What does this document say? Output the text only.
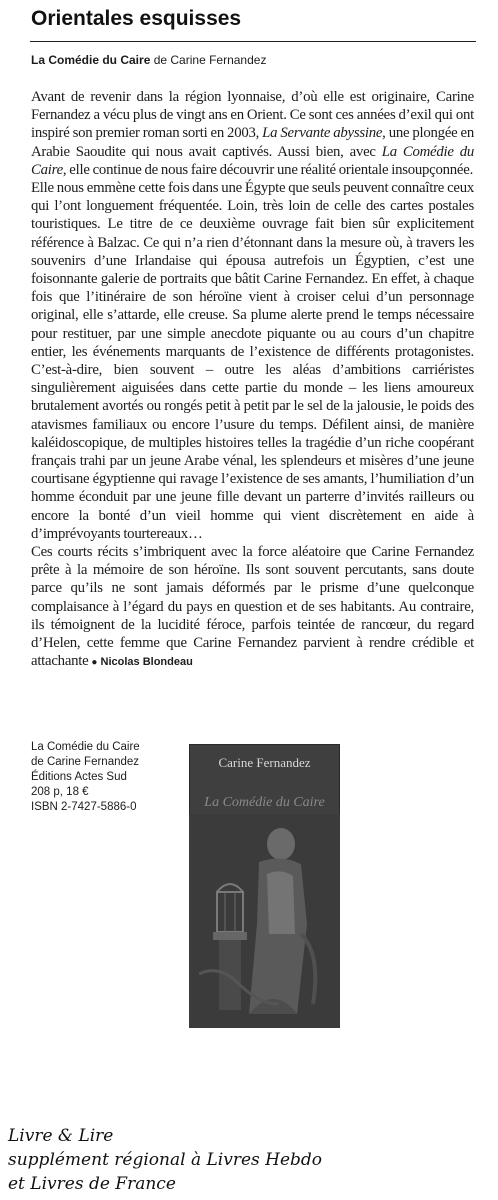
Orientales esquisses
La Comédie du Caire de Carine Fernandez

Avant de revenir dans la région lyonnaise, d’où elle est originaire, Carine Fernandez a vécu plus de vingt ans en Orient. Ce sont ces années d’exil qui ont inspiré son premier roman sorti en 2003, La Servante abyssine, une plongée en Arabie Saoudite qui nous avait captivés. Aussi bien, avec La Comédie du Caire, elle continue de nous faire découvrir une réalité orientale insoupçonnée.

Elle nous emmène cette fois dans une Égypte que seuls peuvent connaître ceux qui l’ont longuement fréquentée. Loin, très loin de celle des cartes postales touristiques. Le titre de ce deuxième ouvrage fait bien sûr explicitement référence à Balzac. Ce qui n’a rien d’étonnant dans la mesure où, à travers les souvenirs d’une Irlandaise qui épousa autrefois un Égyptien, c’est une foisonnante galerie de portraits que bâtit Carine Fernandez. En effet, à chaque fois que l’itinéraire de son héroïne vient à croiser celui d’un personnage original, elle s’attarde, elle creuse. Sa plume alerte prend le temps nécessaire pour restituer, par une simple anecdote piquante ou au cours d’un chapitre entier, les événements marquants de l’existence de différents protagonistes. C’est-à-dire, bien souvent – outre les aléas d’ambitions carriéristes singulièrement aiguisées dans cette partie du monde – les liens amoureux brutalement avortés ou rongés petit à petit par le sel de la jalousie, le poids des atavismes familiaux ou encore l’usure du temps. Défilent ainsi, de manière kaléidoscopique, de multiples histoires telles la tragédie d’un riche coopérant français trahi par un jeune Arabe vénal, les splendeurs et misères d’une jeune courtisane égyptienne qui ravage l’existence de ses amants, l’humiliation d’un homme éconduit par une jeune fille devant un parterre d’invités railleurs ou encore la bonté d’un vieil homme qui vient discrètement en aide à d’imprévoyants tourtereaux…

Ces courts récits s’imbriquent avec la force aléatoire que Carine Fernandez prête à la mémoire de son héroïne. Ils sont souvent percutants, sans doute parce qu’ils ne sont jamais déformés par le prisme d’une quelconque complaisance à l’égard du pays en question et de ses habitants. Au contraire, ils témoignent de la lucidité féroce, parfois teintée de rancœur, du regard d’Helen, cette femme que Carine Fernandez parvient à rendre crédible et attachante ● Nicolas Blondeau

La Comédie du Caire
de Carine Fernandez
Éditions Actes Sud
208 p, 18 €
ISBN 2-7427-5886-0
Carine Fernandez
La Comédie du Caire
Livre & Lire
supplément régional à Livres Hebdo
et Livres de France
